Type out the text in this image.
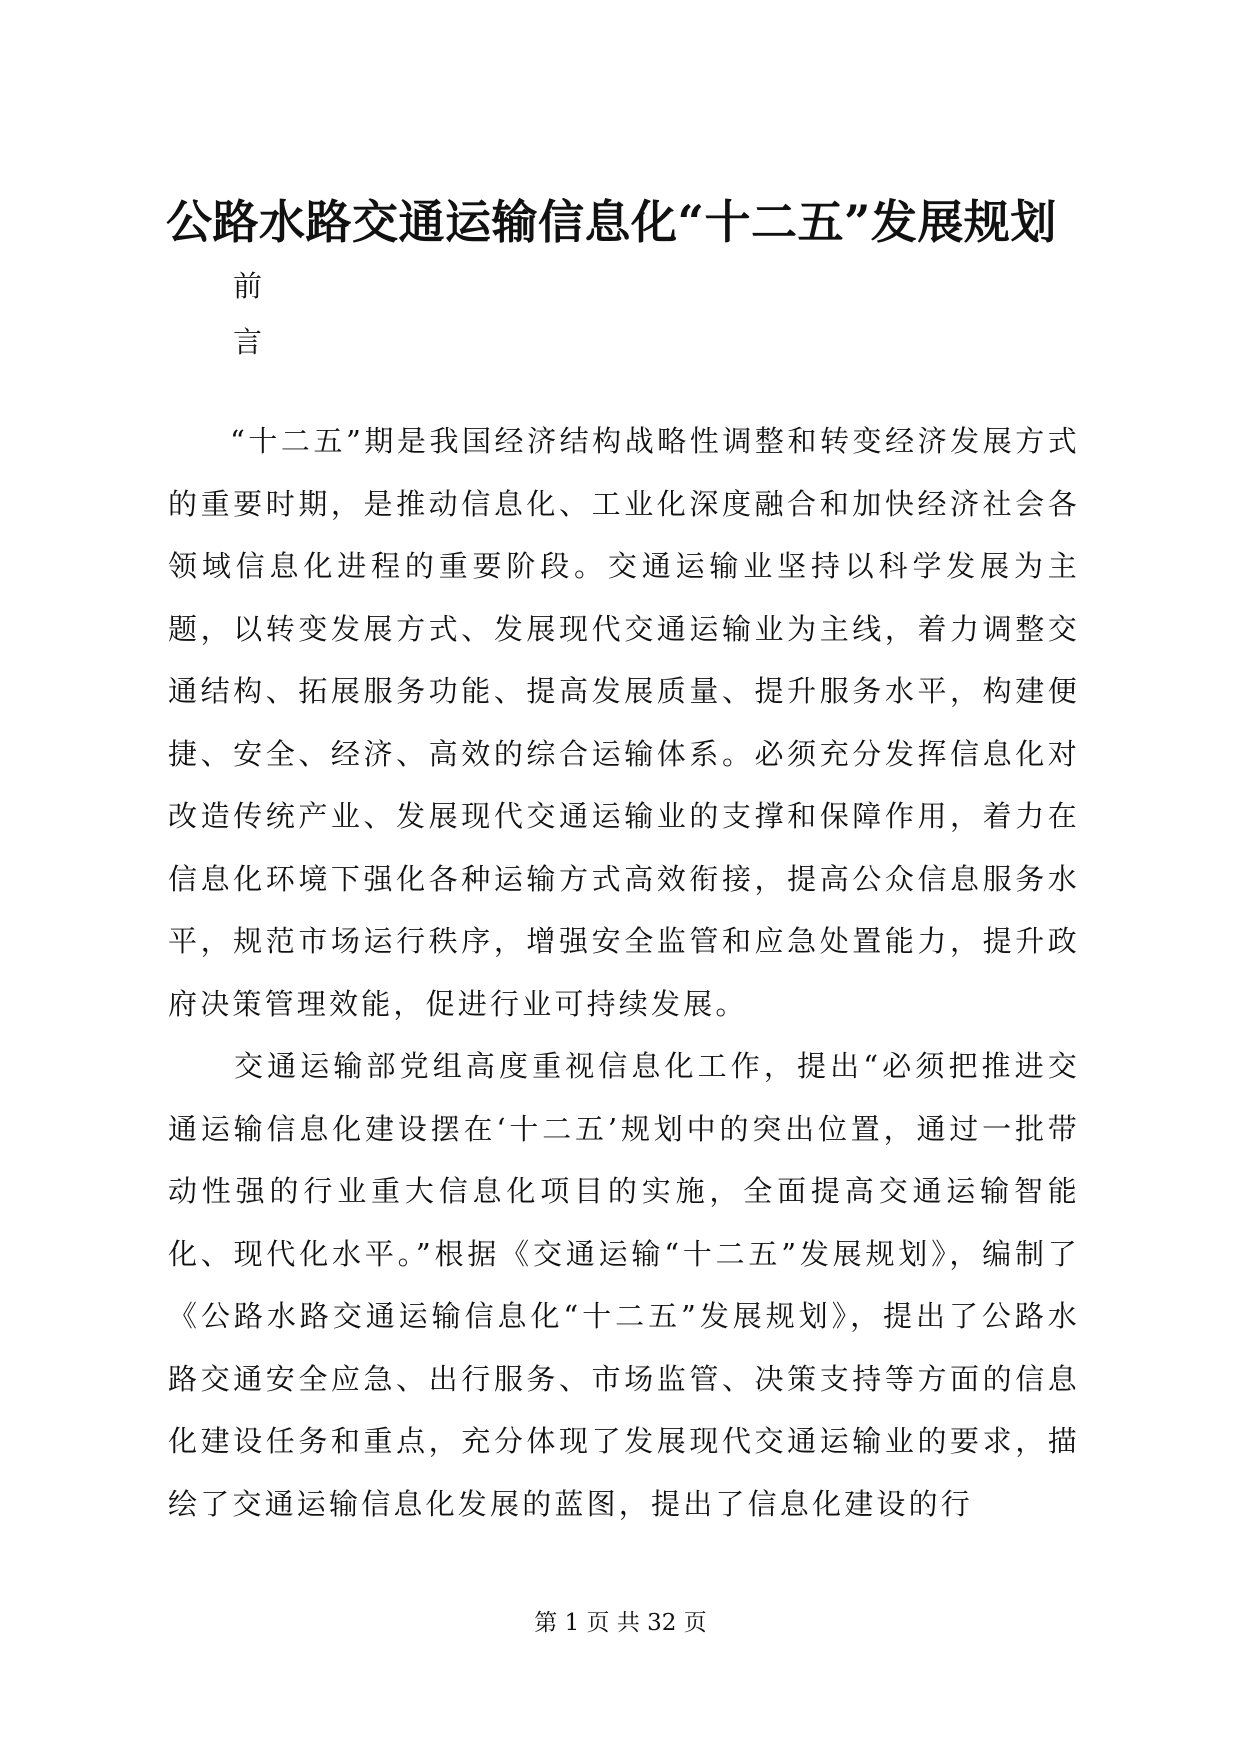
公路水路交通运输信息化“十二五”发展规划
前
言

“十二五”期是我国经济结构战略性调整和转变经济发展方式的重要时期，是推动信息化、工业化深度融合和加快经济社会各领域信息化进程的重要阶段。交通运输业坚持以科学发展为主题，以转变发展方式、发展现代交通运输业为主线，着力调整交通结构、拓展服务功能、提高发展质量、提升服务水平，构建便捷、安全、经济、高效的综合运输体系。必须充分发挥信息化对改造传统产业、发展现代交通运输业的支撑和保障作用，着力在信息化环境下强化各种运输方式高效衔接，提高公众信息服务水平，规范市场运行秩序，增强安全监管和应急处置能力，提升政府决策管理效能，促进行业可持续发展。

交通运输部党组高度重视信息化工作，提出“必须把推进交通运输信息化建设摆在‘十二五’规划中的突出位置，通过一批带动性强的行业重大信息化项目的实施，全面提高交通运输智能化、现代化水平。”根据《交通运输“十二五”发展规划》，编制了《公路水路交通运输信息化“十二五”发展规划》，提出了公路水路交通安全应急、出行服务、市场监管、决策支持等方面的信息化建设任务和重点，充分体现了发展现代交通运输业的要求，描绘了交通运输信息化发展的蓝图，提出了信息化建设的行

第 1 页 共 32 页
